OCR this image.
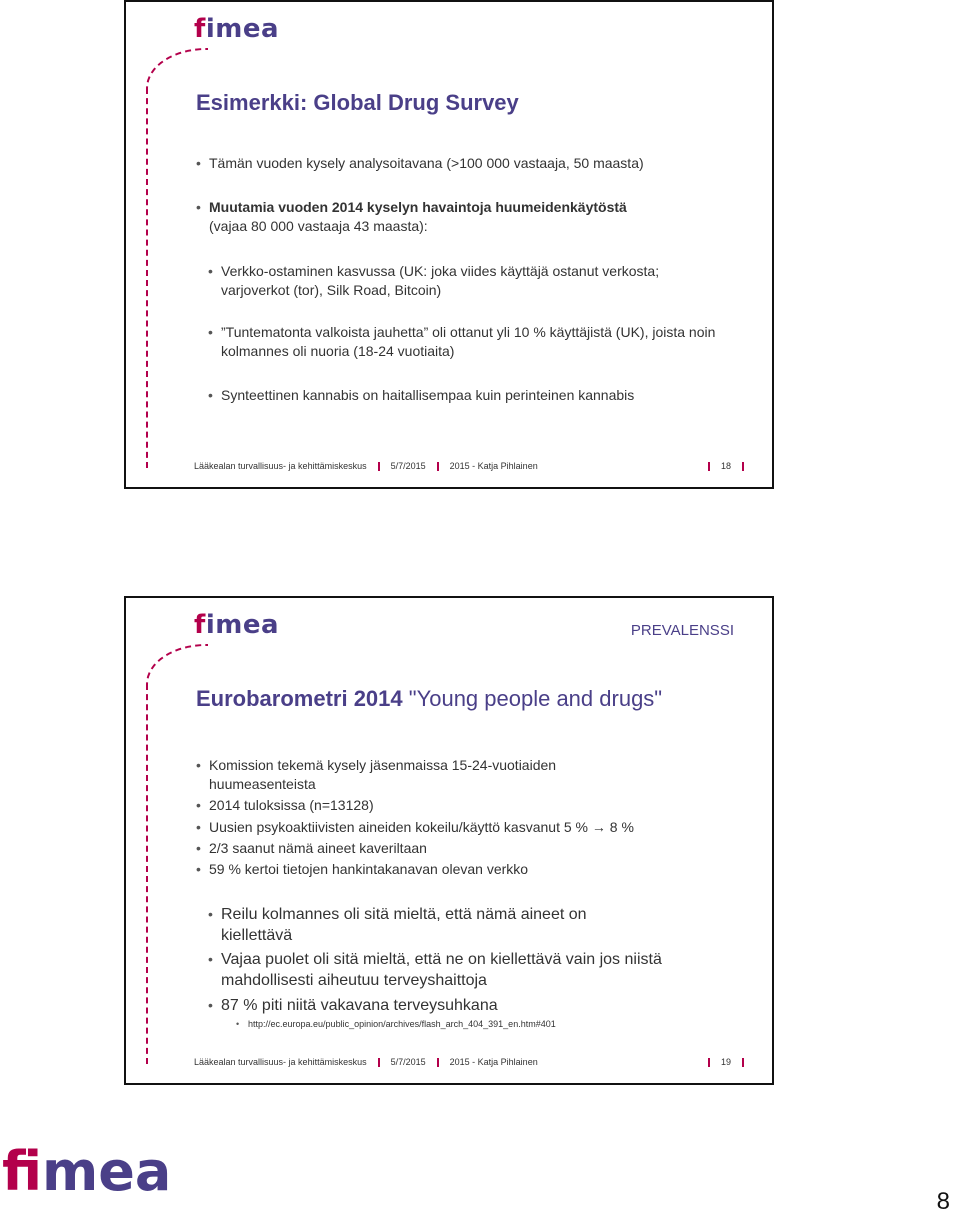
fimea
Esimerkki: Global Drug Survey
• Tämän vuoden kysely analysoitavana (>100 000 vastaaja, 50 maasta)
• Muutamia vuoden 2014 kyselyn havaintoja huumeidenkäytöstä
(vajaa 80 000 vastaaja 43 maasta):
• Verkko-ostaminen kasvussa (UK: joka viides käyttäjä ostanut verkosta; varjoverkot (tor), Silk Road, Bitcoin)
• ”Tuntematonta valkoista jauhetta” oli ottanut yli 10 % käyttäjistä (UK), joista noin kolmannes oli nuoria (18-24 vuotiaita)
• Synteettinen kannabis on haitallisempaa kuin perinteinen kannabis
Lääkealan turvallisuus- ja kehittämiskeskus	5/7/2015	2015 - Katja Pihlainen	18
fimea	PREVALENSSI
Eurobarometri 2014 "Young people and drugs"
• Komission tekemä kysely jäsenmaissa 15-24-vuotiaiden huumeasenteista
• 2014 tuloksissa (n=13128)
• Uusien psykoaktiivisten aineiden kokeilu/käyttö kasvanut 5 % → 8 %
• 2/3 saanut nämä aineet kaveriltaan
• 59 % kertoi tietojen hankintakanavan olevan verkko
• Reilu kolmannes oli sitä mieltä, että nämä aineet on kiellettävä
• Vajaa puolet oli sitä mieltä, että ne on kiellettävä vain jos niistä mahdollisesti aiheutuu terveyshaittoja
• 87 % piti niitä vakavana terveysuhkana
• http://ec.europa.eu/public_opinion/archives/flash_arch_404_391_en.htm#401
Lääkealan turvallisuus- ja kehittämiskeskus	5/7/2015	2015 - Katja Pihlainen	19
fimea	8
